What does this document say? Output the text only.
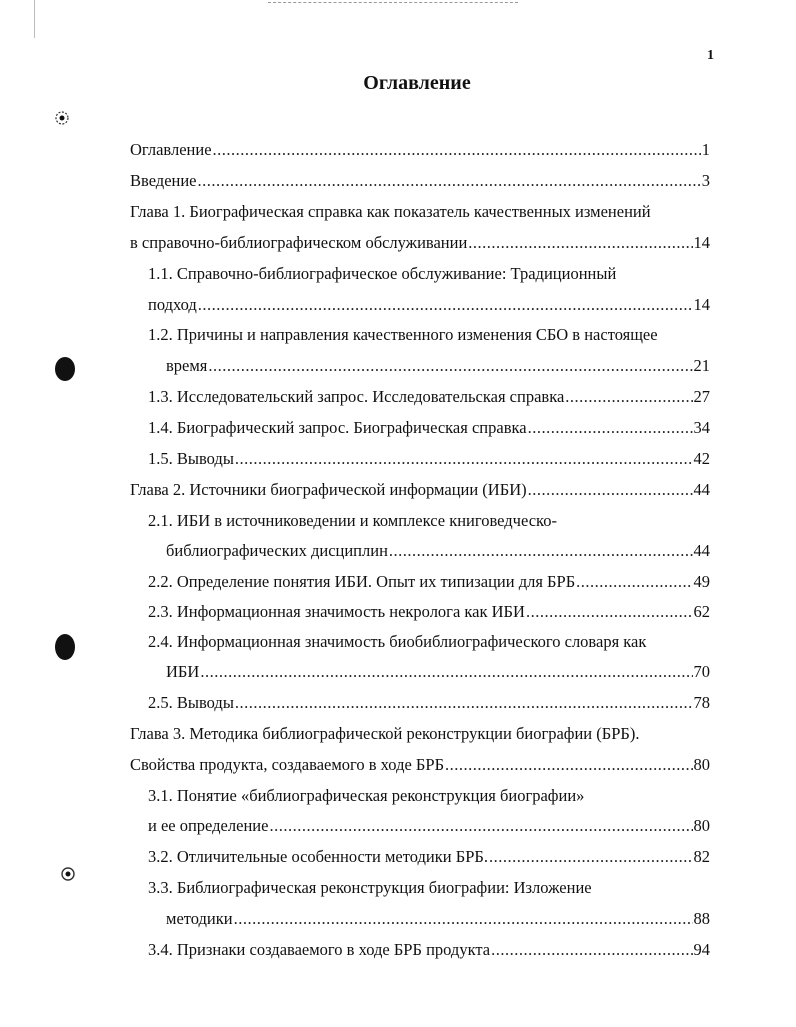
1
Оглавление
Оглавление .....	1
Введение .....	3
Глава 1. Биографическая справка как показатель качественных изменений
в справочно-библиографическом обслуживании .....	14
1.1. Справочно-библиографическое обслуживание: Традиционный
подход .....	14
1.2. Причины и направления качественного изменения СБО в настоящее
время .....	21
1.3. Исследовательский запрос. Исследовательская справка .....	27
1.4. Биографический запрос. Биографическая справка .....	34
1.5. Выводы .....	42
Глава 2. Источники биографической информации (ИБИ) .....	44
2.1. ИБИ в источниковедении и комплексе книговедческо-
библиографических дисциплин .....	44
2.2. Определение понятия ИБИ. Опыт их типизации для БРБ .....	49
2.3. Информационная значимость некролога как ИБИ .....	62
2.4. Информационная значимость биобиблиографического словаря как
ИБИ .....	70
2.5. Выводы .....	78
Глава 3. Методика библиографической реконструкции биографии (БРБ).
Свойства продукта, создаваемого в ходе БРБ .....	80
3.1. Понятие «библиографическая реконструкция биографии»
и ее определение .....	80
3.2. Отличительные особенности методики БРБ. .....	82
3.3. Библиографическая реконструкция биографии: Изложение
методики .....	88
3.4. Признаки создаваемого в ходе БРБ продукта .....	94
